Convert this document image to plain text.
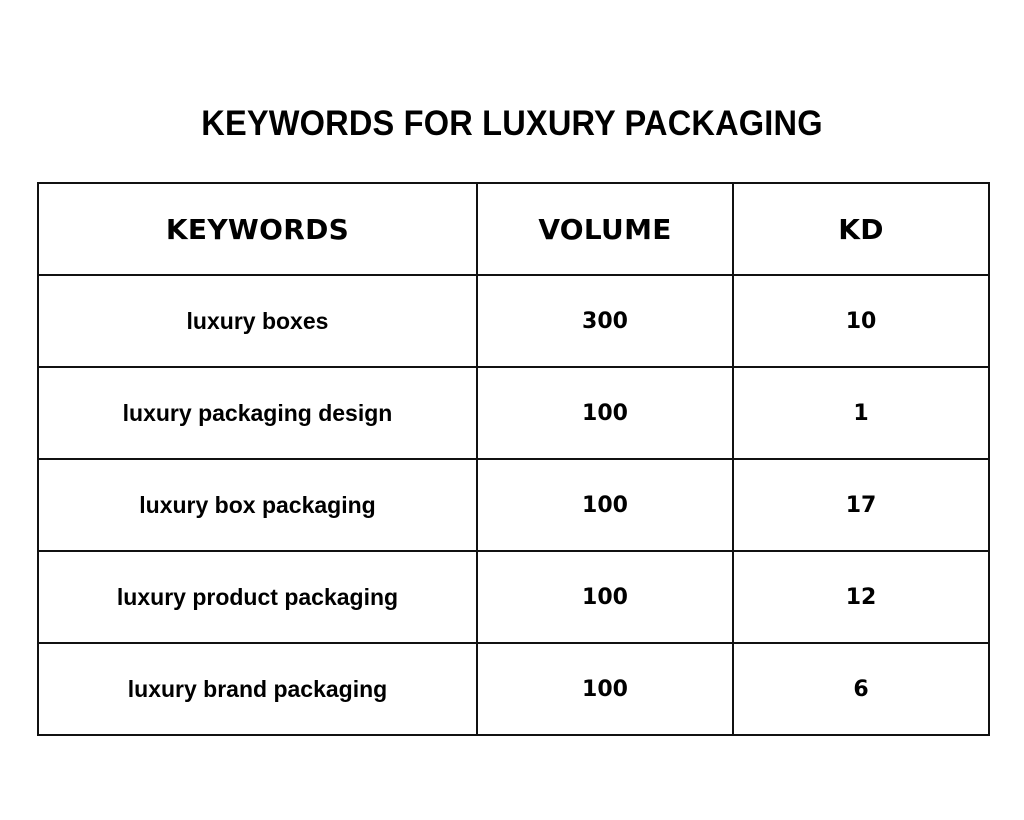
KEYWORDS FOR LUXURY PACKAGING
KEYWORDS	VOLUME	KD
luxury boxes	300	10
luxury packaging design	100	1
luxury box packaging	100	17
luxury product packaging	100	12
luxury brand packaging	100	6
